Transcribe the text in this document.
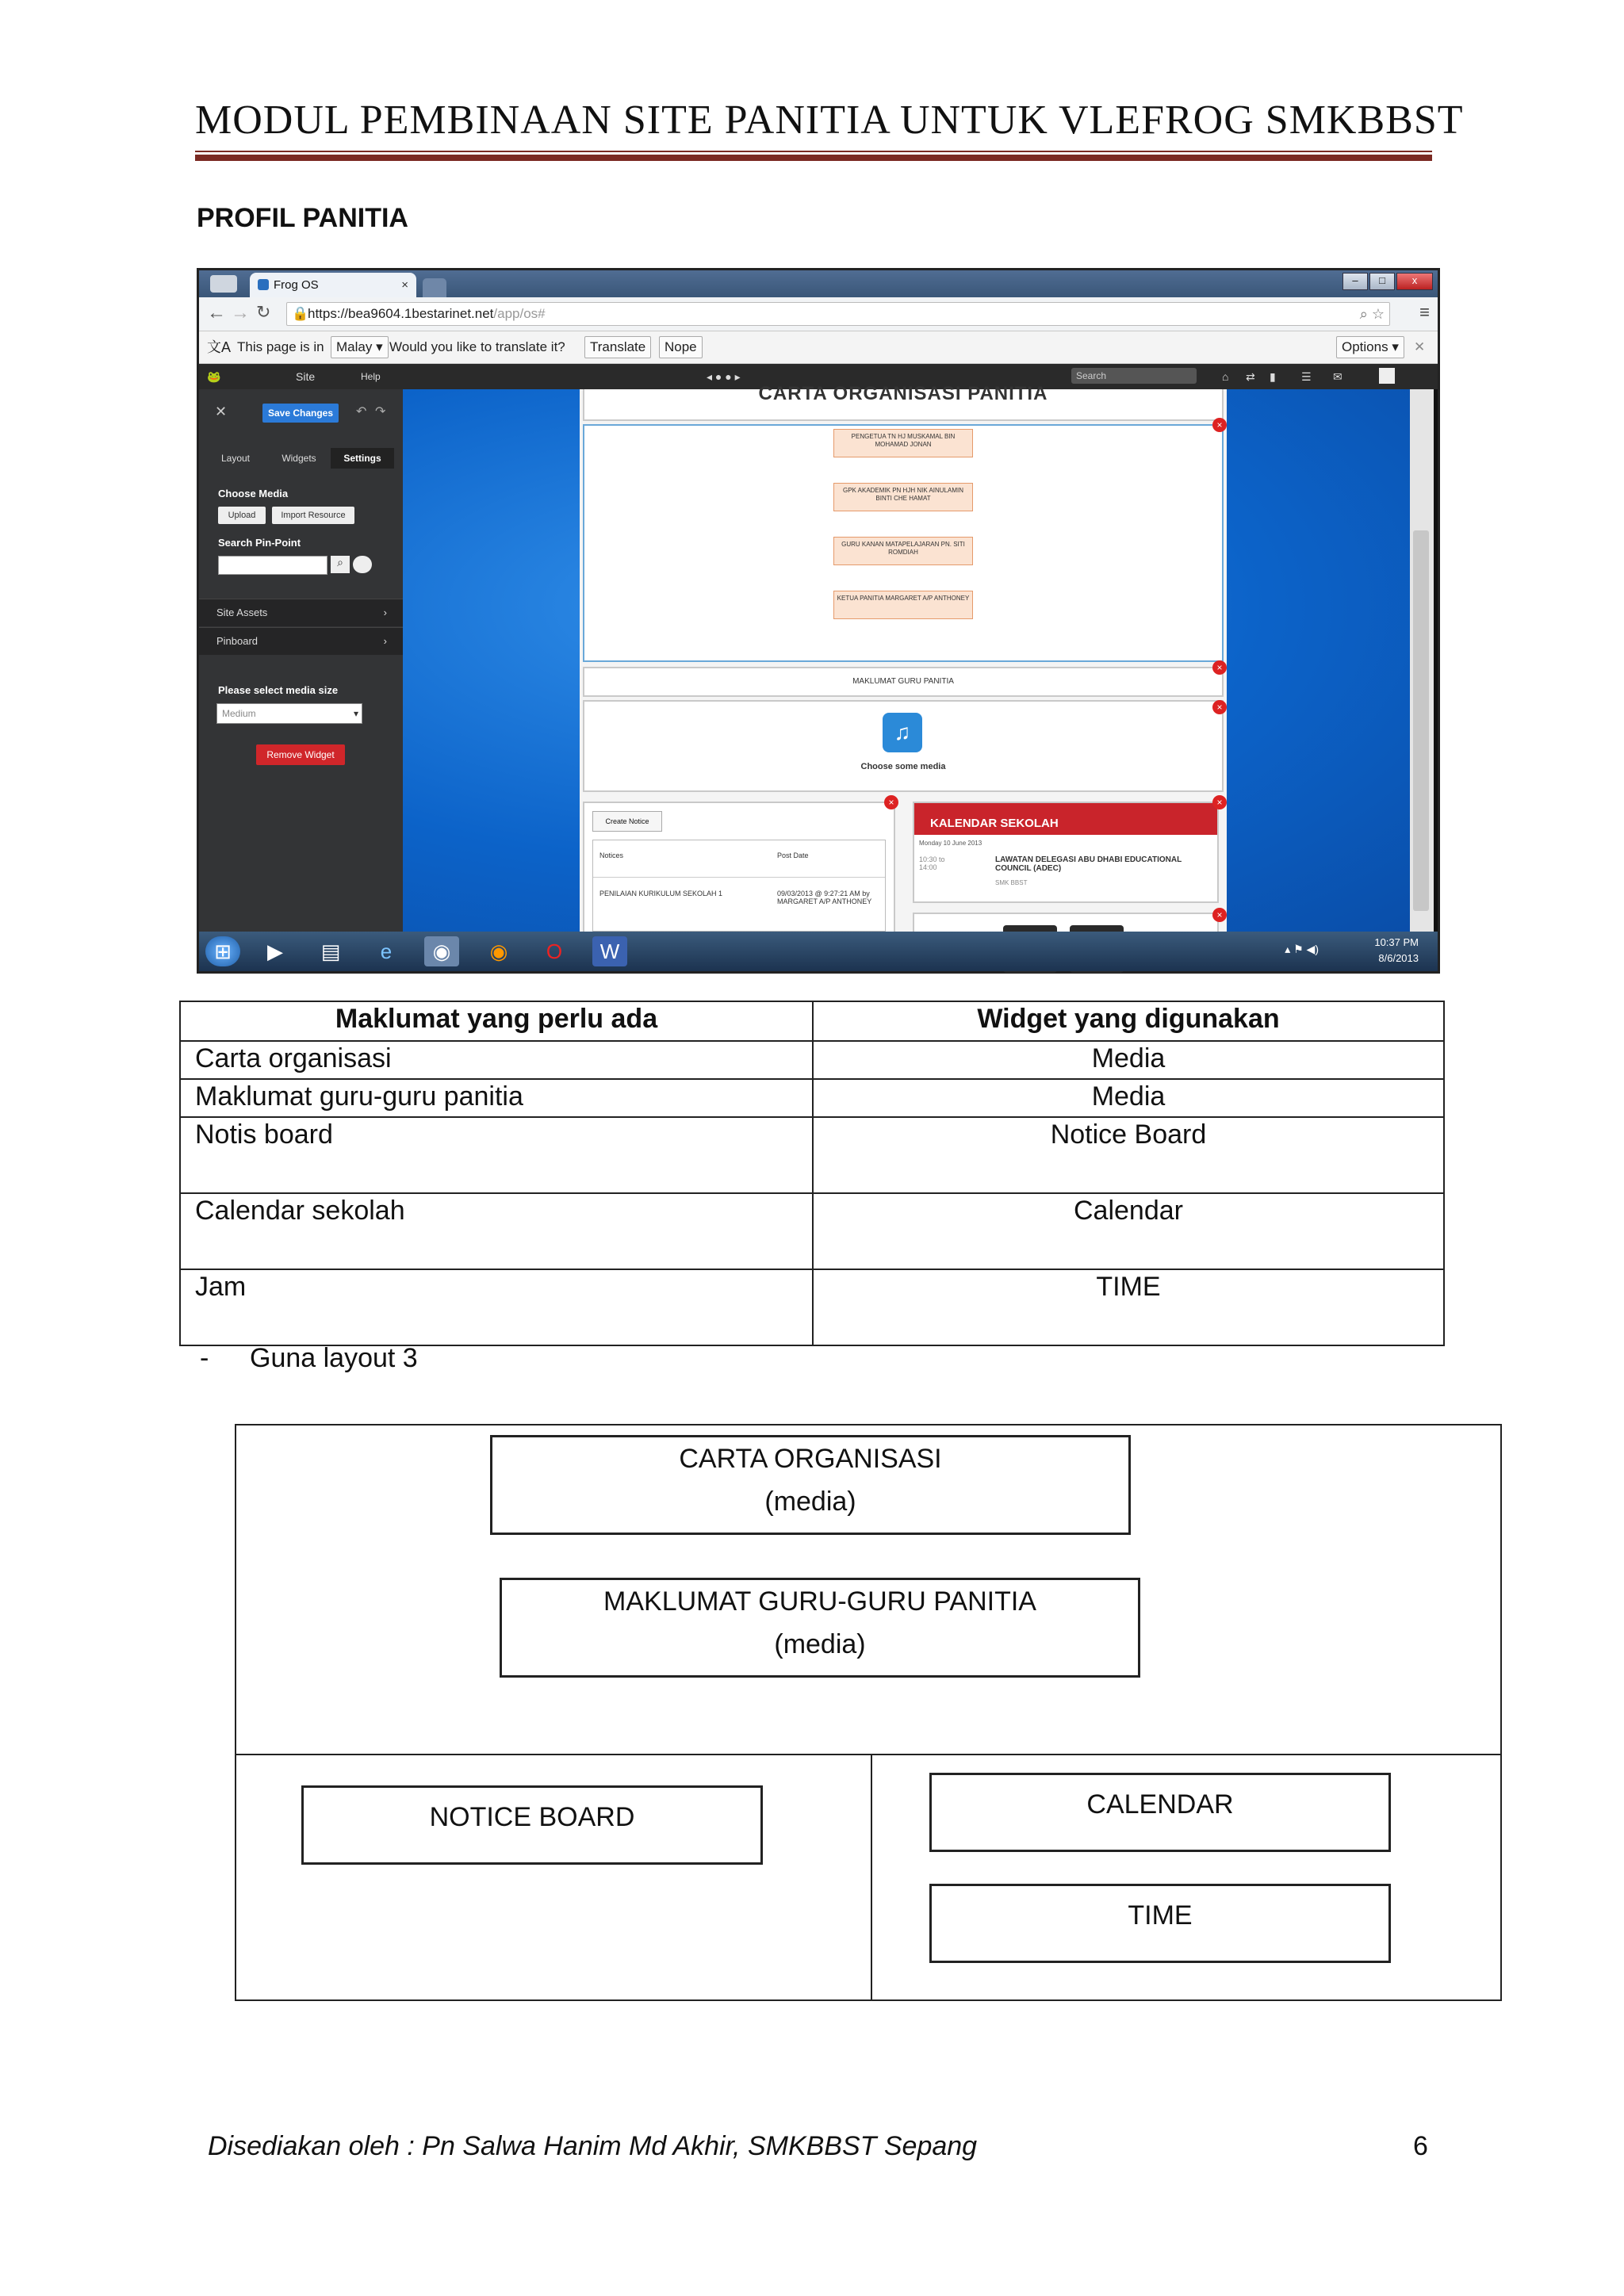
MODUL PEMBINAAN SITE PANITIA UNTUK VLEFROG SMKBBST
PROFIL PANITIA
Frog OS	×	–	□	x
← → ↻ 🔒
https://bea9604.1bestarinet.net/app/os#	⌕ ☆ ≡
文A This page is in Malay ▾ Would you like to translate it?	Translate	Nope	Options ▾	✕
🐸	Site	Help	◂ ● ● ▸	Search	⌂ ⇄ ▮ ☰ ✉
✕	Save Changes	↶ ↷
Layout	Widgets	Settings
Choose Media
Upload	Import Resource
Search Pin-Point
⌕
Site Assets	›
Pinboard	›
Please select media size
Medium	▾
Remove Widget
CARTA ORGANISASI PANITIA
PENGETUA TN HJ MUSKAMAL BIN MOHAMAD JONAN
GPK AKADEMIK PN HJH NIK AINULAMIN BINTI CHE HAMAT
GURU KANAN MATAPELAJARAN PN. SITI ROMDIAH
KETUA PANITIA MARGARET A/P ANTHONEY
×
MAKLUMAT GURU PANITIA
×
♫
Choose some media
×
Create Notice
Notices	Post Date
PENILAIAN KURIKULUM SEKOLAH 1	09/03/2013 @ 9:27:21 AM by MARGARET A/P ANTHONEY
×
KALENDAR SEKOLAH
Monday 10 June 2013
10:30 to 14:00
LAWATAN DELEGASI ABU DHABI EDUCATIONAL COUNCIL (ADEC)
SMK BBST
×
×
⊞	▶	▤	e	◉	◉	O	W	▴ ⚑ ◀)
10:37 PM
8/6/2013
Maklumat yang perlu ada	Widget yang digunakan
Carta organisasi	Media
Maklumat guru-guru panitia	Media
Notis board	Notice Board
Calendar sekolah	Calendar
Jam	TIME
- Guna layout 3
CARTA ORGANISASI
(media)
MAKLUMAT GURU-GURU PANITIA
(media)
NOTICE BOARD	CALENDAR
TIME
Disediakan oleh : Pn Salwa Hanim Md Akhir, SMKBBST Sepang	6
